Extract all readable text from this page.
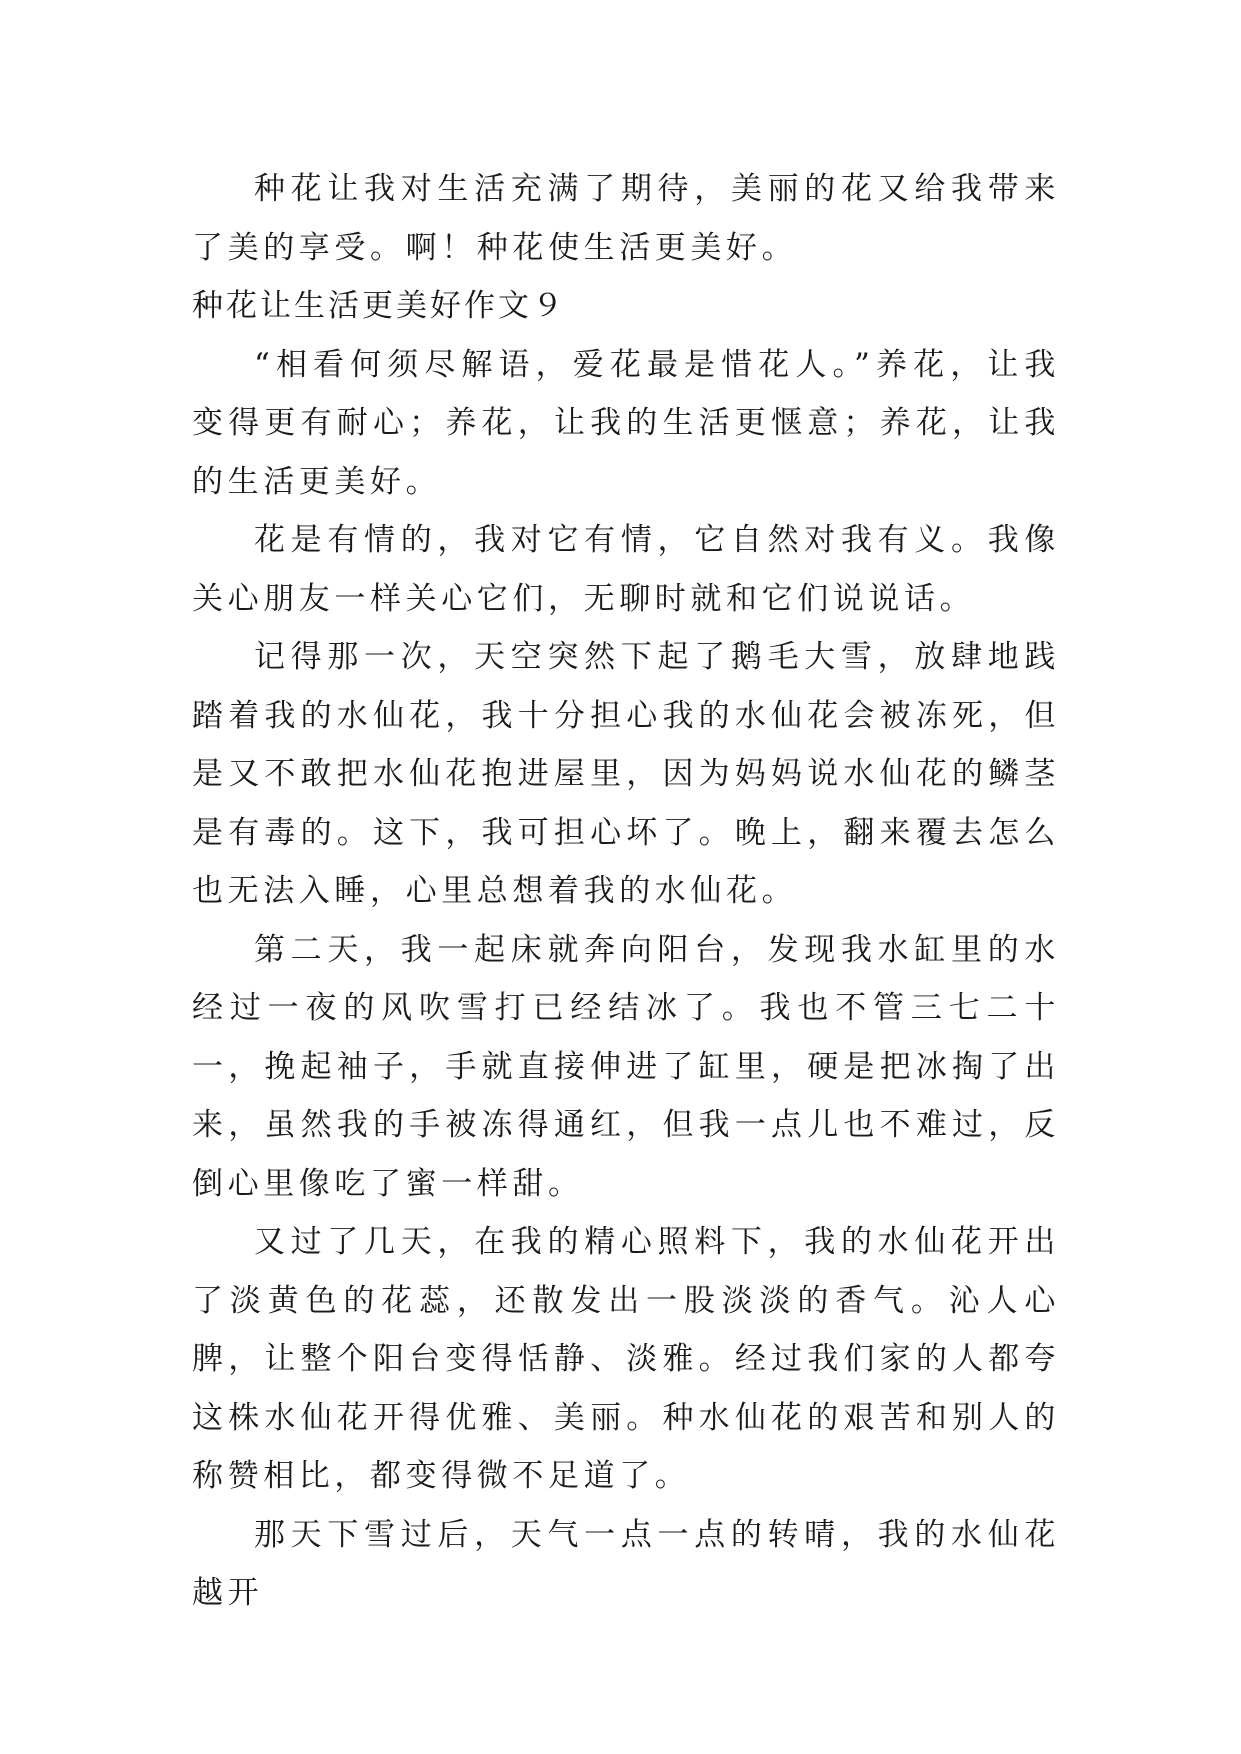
种花让我对生活充满了期待，美丽的花又给我带来了美的享受。啊！种花使生活更美好。

种花让生活更美好作文９

“相看何须尽解语，爱花最是惜花人。”养花，让我变得更有耐心；养花，让我的生活更惬意；养花，让我的生活更美好。

花是有情的，我对它有情，它自然对我有义。我像关心朋友一样关心它们，无聊时就和它们说说话。

记得那一次，天空突然下起了鹅毛大雪，放肆地践踏着我的水仙花，我十分担心我的水仙花会被冻死，但是又不敢把水仙花抱进屋里，因为妈妈说水仙花的鳞茎是有毒的。这下，我可担心坏了。晚上，翻来覆去怎么也无法入睡，心里总想着我的水仙花。

第二天，我一起床就奔向阳台，发现我水缸里的水经过一夜的风吹雪打已经结冰了。我也不管三七二十一，挽起袖子，手就直接伸进了缸里，硬是把冰掏了出来，虽然我的手被冻得通红，但我一点儿也不难过，反倒心里像吃了蜜一样甜。

又过了几天，在我的精心照料下，我的水仙花开出了淡黄色的花蕊，还散发出一股淡淡的香气。沁人心脾，让整个阳台变得恬静、淡雅。经过我们家的人都夸这株水仙花开得优雅、美丽。种水仙花的艰苦和别人的称赞相比，都变得微不足道了。

那天下雪过后，天气一点一点的转晴，我的水仙花越开
